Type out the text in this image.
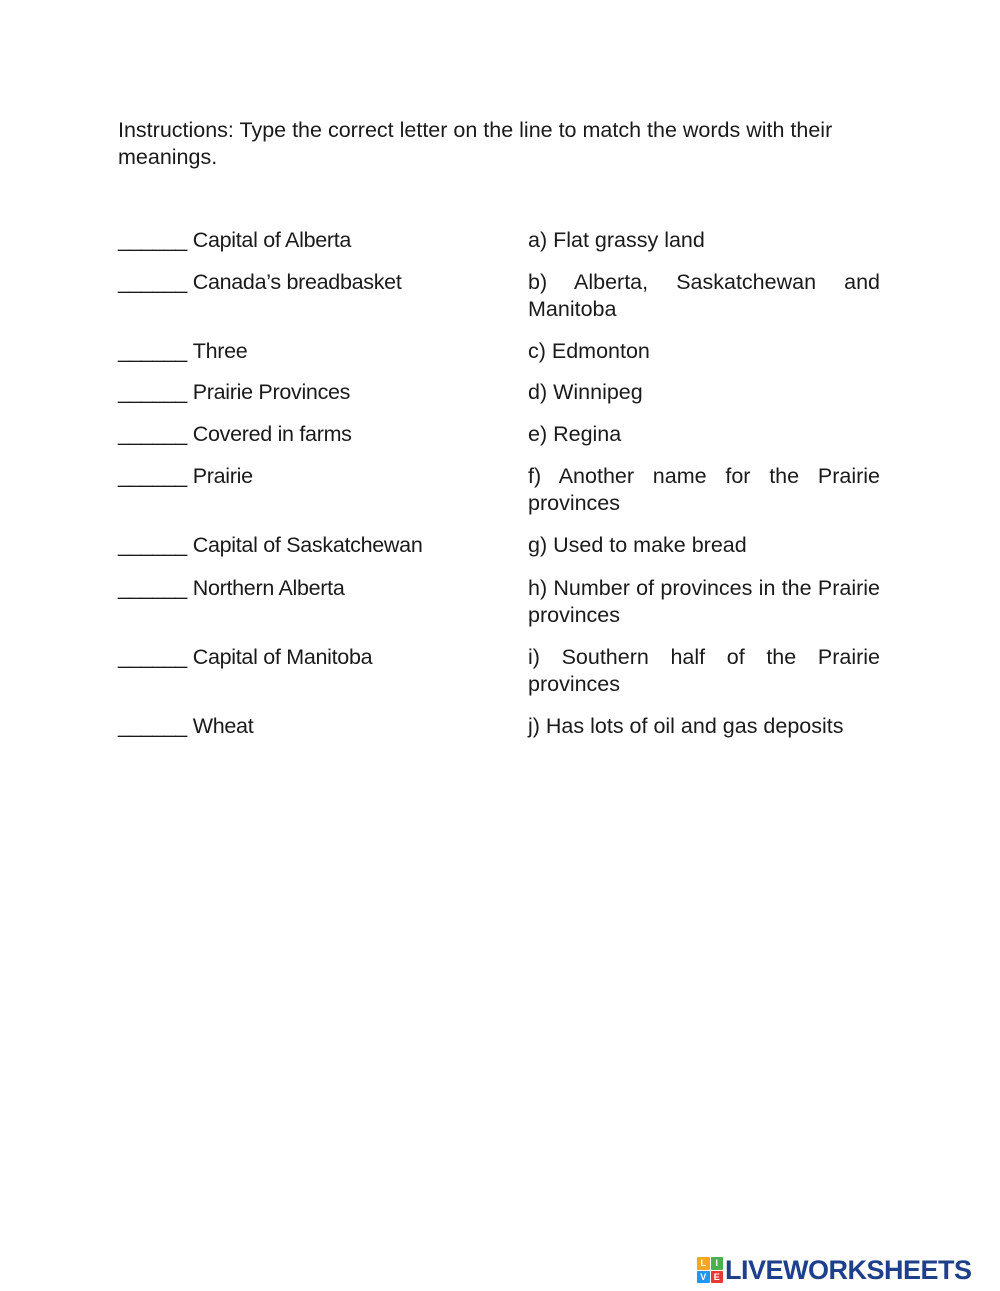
Instructions: Type the correct letter on the line to match the words with their meanings.

______ Capital of Alberta	a) Flat grassy land
______ Canada’s breadbasket	b) Alberta, Saskatchewan and Manitoba
______ Three	c) Edmonton
______ Prairie Provinces	d) Winnipeg
______ Covered in farms	e) Regina
______ Prairie	f) Another name for the Prairie provinces
______ Capital of Saskatchewan	g) Used to make bread
______ Northern Alberta	h) Number of provinces in the Prairie provinces
______ Capital of Manitoba	i) Southern half of the Prairie provinces
______ Wheat	j) Has lots of oil and gas deposits
L	I
V E LIVEWORKSHEETS
